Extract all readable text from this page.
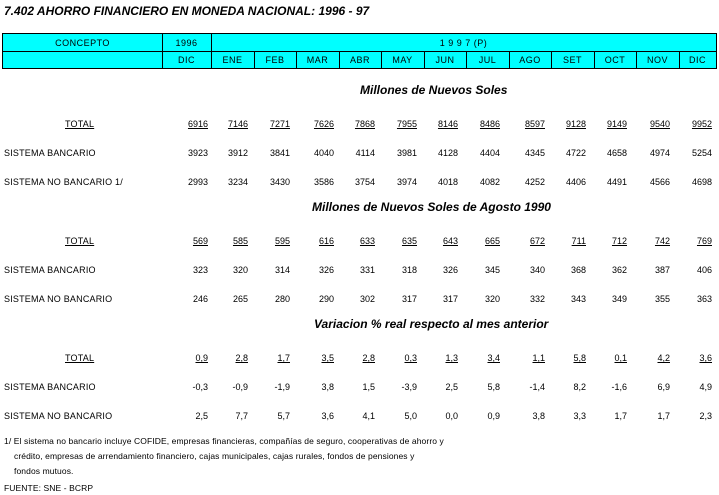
7.402 AHORRO FINANCIERO EN MONEDA NACIONAL: 1996 - 97
CONCEPTO	1996	1 9 9 7 (P)
DIC	ENE	FEB	MAR	ABR	MAY	JUN	JUL	AGO	SET	OCT	NOV	DIC
Millones de Nuevos Soles
TOTAL	6916	7146	7271	7626	7868	7955	8146	8486	8597	9128	9149	9540	9952
SISTEMA BANCARIO	3923	3912	3841	4040	4114	3981	4128	4404	4345	4722	4658	4974	5254
SISTEMA NO BANCARIO 1/	2993	3234	3430	3586	3754	3974	4018	4082	4252	4406	4491	4566	4698
Millones de Nuevos Soles de Agosto 1990
TOTAL	569	585	595	616	633	635	643	665	672	711	712	742	769
SISTEMA BANCARIO	323	320	314	326	331	318	326	345	340	368	362	387	406
SISTEMA NO BANCARIO	246	265	280	290	302	317	317	320	332	343	349	355	363
Variacion % real respecto al mes anterior
TOTAL	0,9	2,8	1,7	3,5	2,8	0,3	1,3	3,4	1,1	5,8	0,1	4,2	3,6
SISTEMA BANCARIO	-0,3	-0,9	-1,9	3,8	1,5	-3,9	2,5	5,8	-1,4	8,2	-1,6	6,9	4,9
SISTEMA NO BANCARIO	2,5	7,7	5,7	3,6	4,1	5,0	0,0	0,9	3,8	3,3	1,7	1,7	2,3
1/ El sistema no bancario incluye COFIDE, empresas financieras, compañías de seguro, cooperativas de ahorro y
crédito, empresas de arrendamiento financiero, cajas municipales, cajas rurales, fondos de pensiones y
fondos mutuos.
FUENTE: SNE - BCRP
